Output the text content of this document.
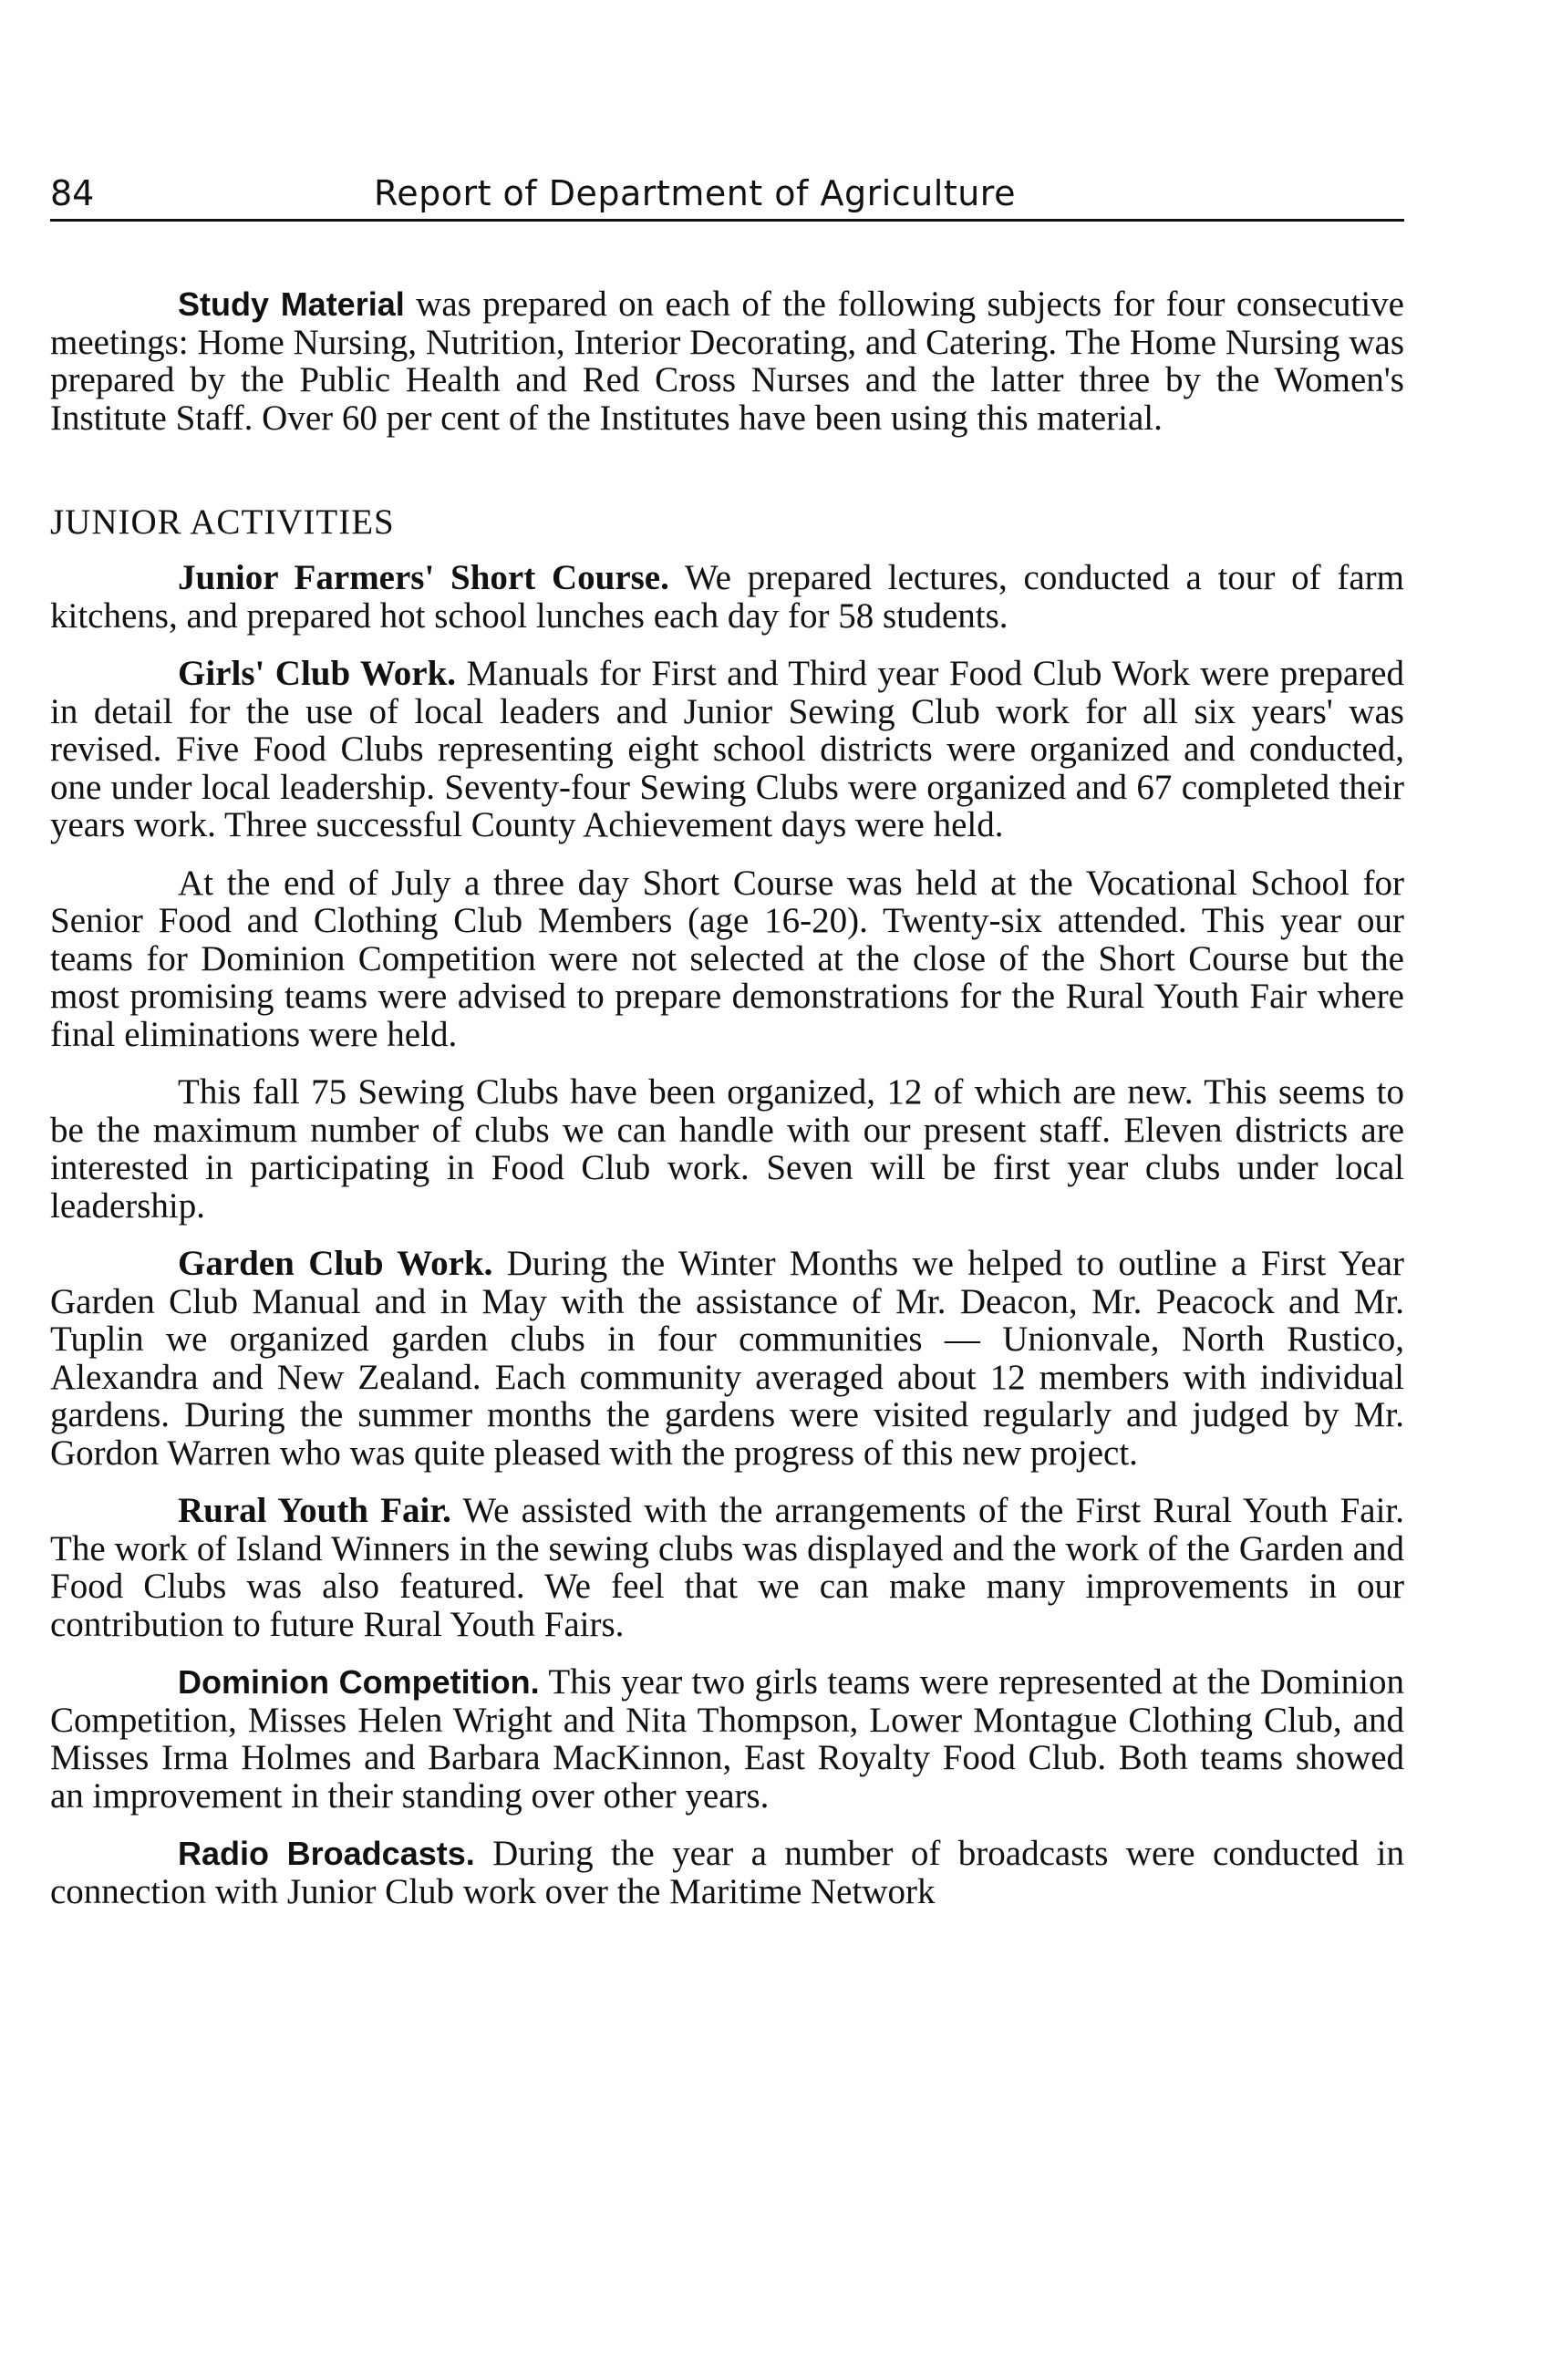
84	Report of Department of Agriculture

Study Material was prepared on each of the following subjects for four consecutive meetings: Home Nursing, Nutrition, Interior Decorating, and Catering. The Home Nursing was prepared by the Public Health and Red Cross Nurses and the latter three by the Women's Institute Staff. Over 60 per cent of the Institutes have been using this material.

JUNIOR ACTIVITIES

Junior Farmers' Short Course. We prepared lectures, conducted a tour of farm kitchens, and prepared hot school lunches each day for 58 students.

Girls' Club Work. Manuals for First and Third year Food Club Work were prepared in detail for the use of local leaders and Junior Sewing Club work for all six years' was revised. Five Food Clubs representing eight school districts were organized and conducted, one under local leadership. Seventy-four Sewing Clubs were organized and 67 completed their years work. Three successful County Achievement days were held.

At the end of July a three day Short Course was held at the Vocational School for Senior Food and Clothing Club Members (age 16-20). Twenty-six attended. This year our teams for Dominion Competition were not selected at the close of the Short Course but the most promising teams were advised to prepare demonstrations for the Rural Youth Fair where final eliminations were held.

This fall 75 Sewing Clubs have been organized, 12 of which are new. This seems to be the maximum number of clubs we can handle with our present staff. Eleven districts are interested in participating in Food Club work. Seven will be first year clubs under local leadership.

Garden Club Work. During the Winter Months we helped to outline a First Year Garden Club Manual and in May with the assistance of Mr. Deacon, Mr. Peacock and Mr. Tuplin we organized garden clubs in four communities — Unionvale, North Rustico, Alexandra and New Zealand. Each community averaged about 12 members with individual gardens. During the summer months the gardens were visited regularly and judged by Mr. Gordon Warren who was quite pleased with the progress of this new project.

Rural Youth Fair. We assisted with the arrangements of the First Rural Youth Fair. The work of Island Winners in the sewing clubs was displayed and the work of the Garden and Food Clubs was also featured. We feel that we can make many improvements in our contribution to future Rural Youth Fairs.

Dominion Competition. This year two girls teams were represented at the Dominion Competition, Misses Helen Wright and Nita Thompson, Lower Montague Clothing Club, and Misses Irma Holmes and Barbara MacKinnon, East Royalty Food Club. Both teams showed an improvement in their standing over other years.

Radio Broadcasts. During the year a number of broadcasts were conducted in connection with Junior Club work over the Maritime Network
